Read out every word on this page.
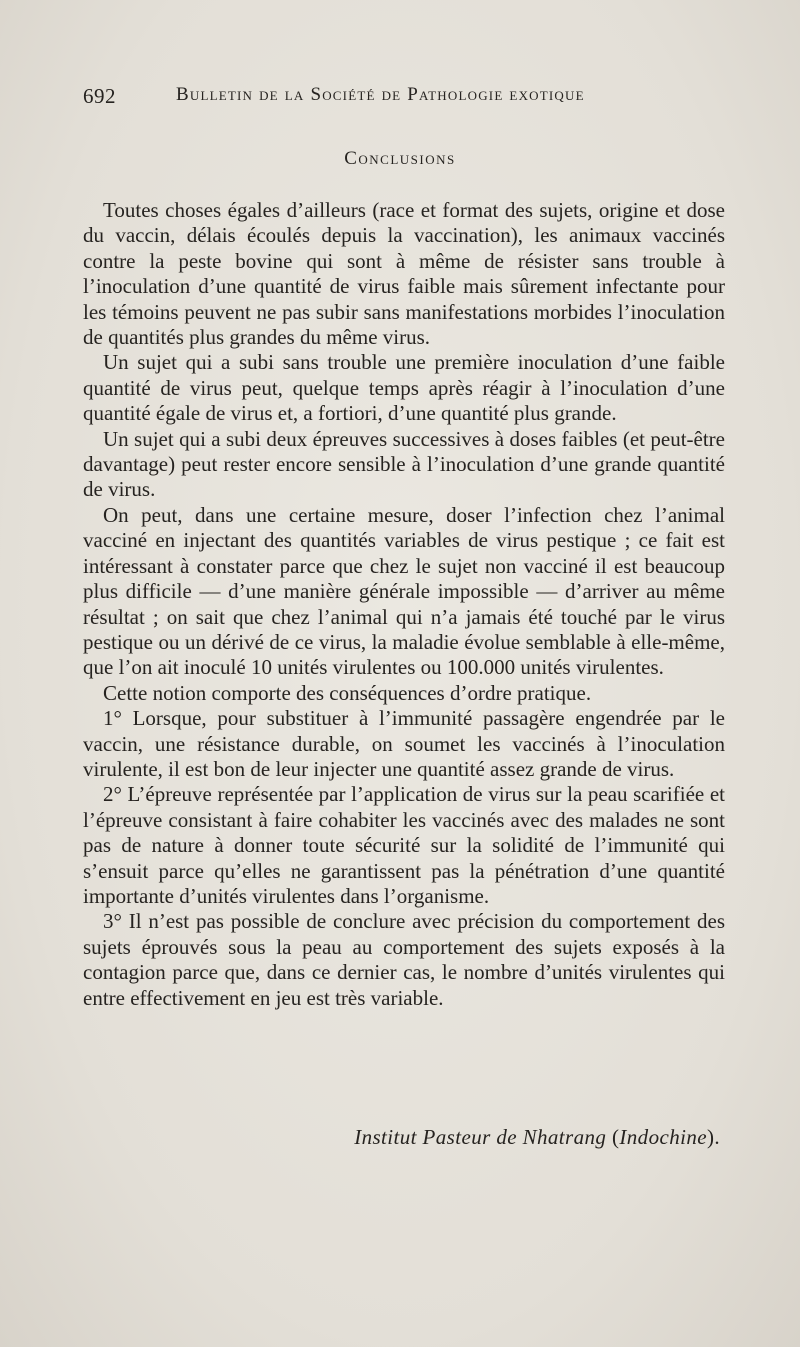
692	Bulletin de la Société de Pathologie exotique
Conclusions

Toutes choses égales d’ailleurs (race et format des sujets, origine et dose du vaccin, délais écoulés depuis la vaccination), les animaux vaccinés contre la peste bovine qui sont à même de résister sans trouble à l’inoculation d’une quantité de virus faible mais sûrement infectante pour les témoins peuvent ne pas subir sans manifestations morbides l’inoculation de quantités plus grandes du même virus.

Un sujet qui a subi sans trouble une première inoculation d’une faible quantité de virus peut, quelque temps après réagir à l’inoculation d’une quantité égale de virus et, a fortiori, d’une quantité plus grande.

Un sujet qui a subi deux épreuves successives à doses faibles (et peut-être davantage) peut rester encore sensible à l’inoculation d’une grande quantité de virus.

On peut, dans une certaine mesure, doser l’infection chez l’animal vacciné en injectant des quantités variables de virus pestique ; ce fait est intéressant à constater parce que chez le sujet non vacciné il est beaucoup plus difficile — d’une manière générale impossible — d’arriver au même résultat ; on sait que chez l’animal qui n’a jamais été touché par le virus pestique ou un dérivé de ce virus, la maladie évolue semblable à elle-même, que l’on ait inoculé 10 unités virulentes ou 100.000 unités virulentes.

Cette notion comporte des conséquences d’ordre pratique.

1° Lorsque, pour substituer à l’immunité passagère engendrée par le vaccin, une résistance durable, on soumet les vaccinés à l’inoculation virulente, il est bon de leur injecter une quantité assez grande de virus.

2° L’épreuve représentée par l’application de virus sur la peau scarifiée et l’épreuve consistant à faire cohabiter les vaccinés avec des malades ne sont pas de nature à donner toute sécurité sur la solidité de l’immunité qui s’ensuit parce qu’elles ne garantissent pas la pénétration d’une quantité importante d’unités virulentes dans l’organisme.

3° Il n’est pas possible de conclure avec précision du comportement des sujets éprouvés sous la peau au comportement des sujets exposés à la contagion parce que, dans ce dernier cas, le nombre d’unités virulentes qui entre effectivement en jeu est très variable.

Institut Pasteur de Nhatrang (Indochine).
